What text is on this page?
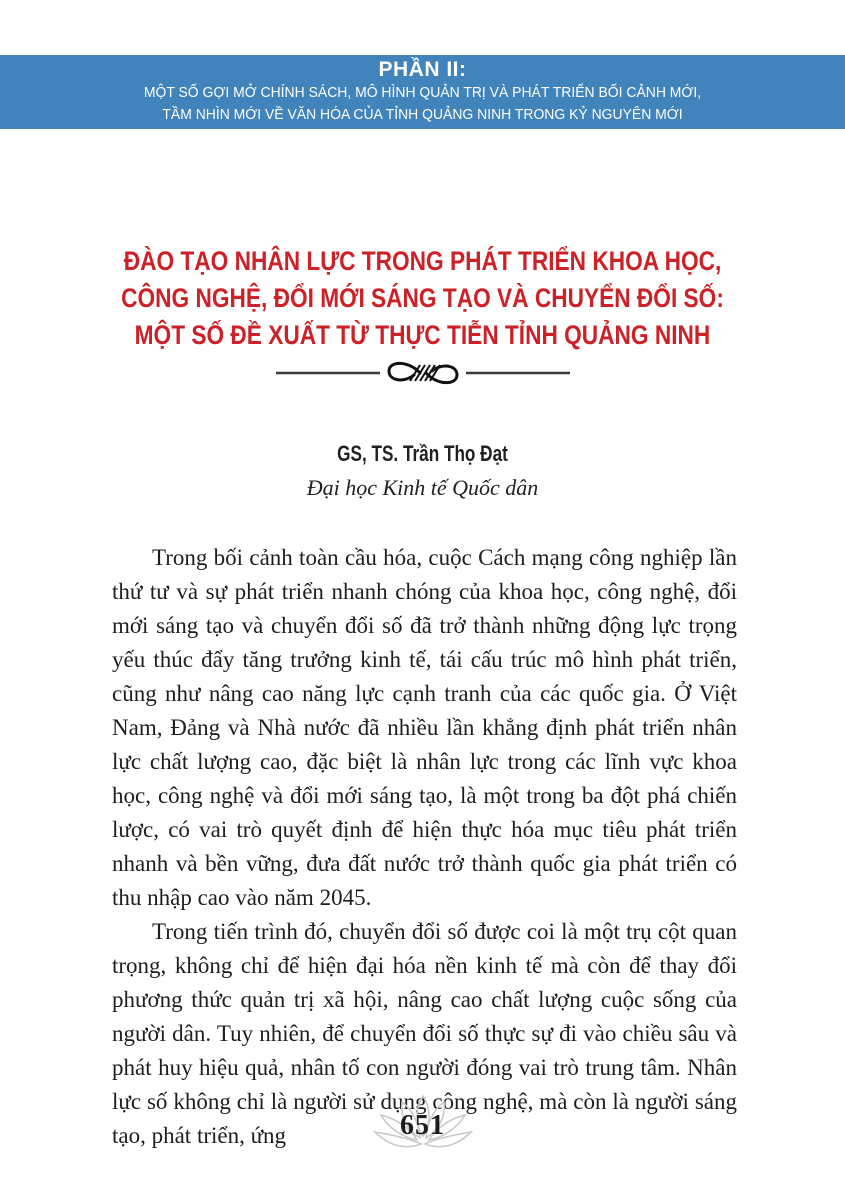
PHẦN II:
MỘT SỐ GỢI MỞ CHÍNH SÁCH, MÔ HÌNH QUẢN TRỊ VÀ PHÁT TRIỂN BỐI CẢNH MỚI,
TẦM NHÌN MỚI VỀ VĂN HÓA CỦA TỈNH QUẢNG NINH TRONG KỶ NGUYÊN MỚI
ĐÀO TẠO NHÂN LỰC TRONG PHÁT TRIỂN KHOA HỌC,
CÔNG NGHỆ, ĐỔI MỚI SÁNG TẠO VÀ CHUYỂN ĐỔI SỐ:
MỘT SỐ ĐỀ XUẤT TỪ THỰC TIỄN TỈNH QUẢNG NINH
GS, TS. Trần Thọ Đạt
Đại học Kinh tế Quốc dân

Trong bối cảnh toàn cầu hóa, cuộc Cách mạng công nghiệp lần thứ tư và sự phát triển nhanh chóng của khoa học, công nghệ, đổi mới sáng tạo và chuyển đổi số đã trở thành những động lực trọng yếu thúc đẩy tăng trưởng kinh tế, tái cấu trúc mô hình phát triển, cũng như nâng cao năng lực cạnh tranh của các quốc gia. Ở Việt Nam, Đảng và Nhà nước đã nhiều lần khẳng định phát triển nhân lực chất lượng cao, đặc biệt là nhân lực trong các lĩnh vực khoa học, công nghệ và đổi mới sáng tạo, là một trong ba đột phá chiến lược, có vai trò quyết định để hiện thực hóa mục tiêu phát triển nhanh và bền vững, đưa đất nước trở thành quốc gia phát triển có thu nhập cao vào năm 2045.

Trong tiến trình đó, chuyển đổi số được coi là một trụ cột quan trọng, không chỉ để hiện đại hóa nền kinh tế mà còn để thay đổi phương thức quản trị xã hội, nâng cao chất lượng cuộc sống của người dân. Tuy nhiên, để chuyển đổi số thực sự đi vào chiều sâu và phát huy hiệu quả, nhân tố con người đóng vai trò trung tâm. Nhân lực số không chỉ là người sử dụng công nghệ, mà còn là người sáng tạo, phát triển, ứng	651
